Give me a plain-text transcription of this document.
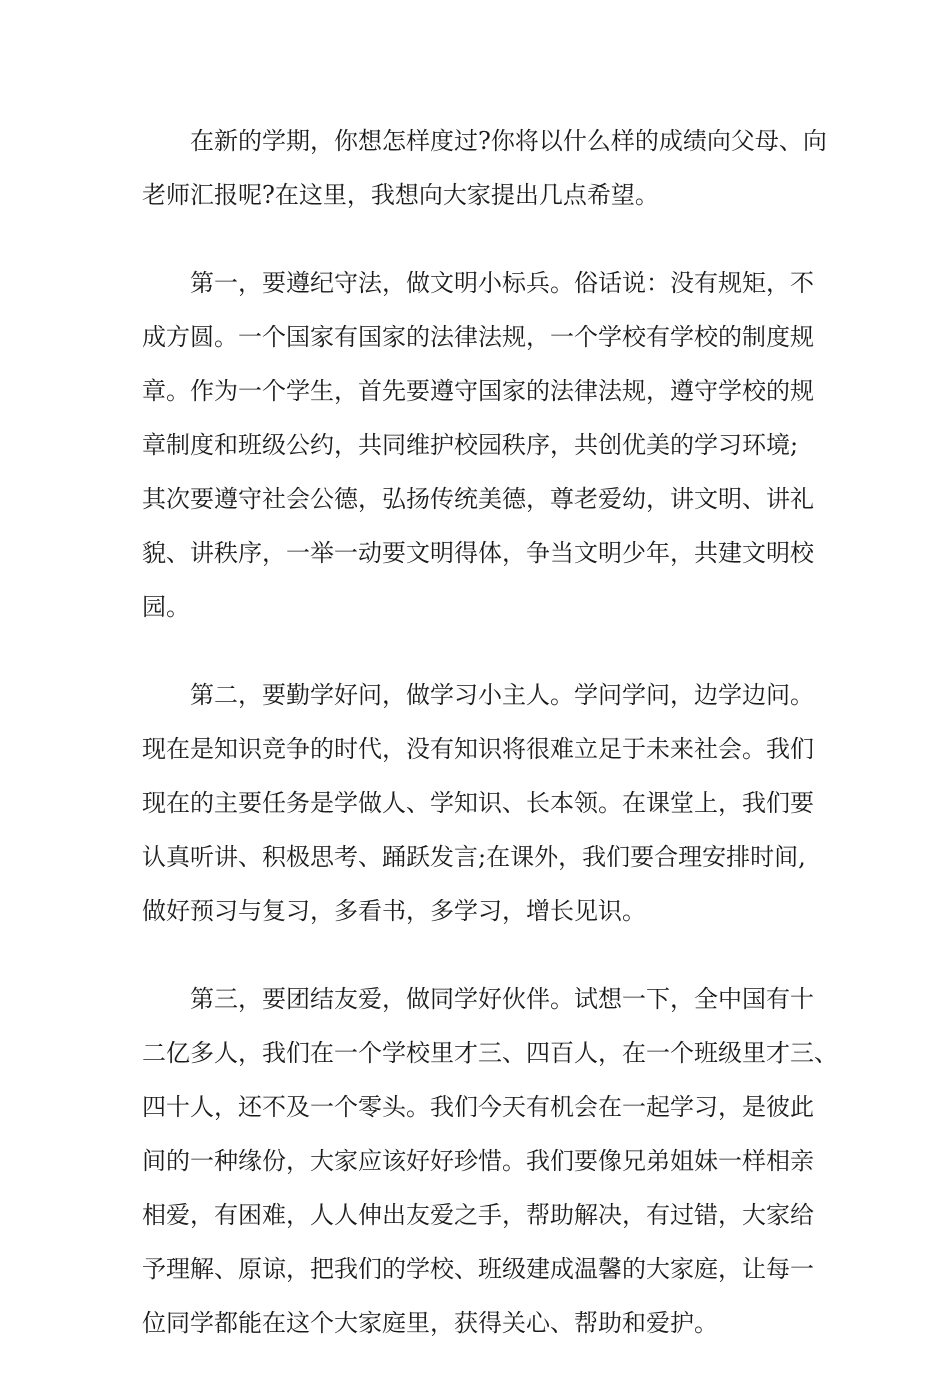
在新的学期，你想怎样度过?你将以什么样的成绩向父母、向
老师汇报呢?在这里，我想向大家提出几点希望。

第一，要遵纪守法，做文明小标兵。俗话说：没有规矩，不
成方圆。一个国家有国家的法律法规，一个学校有学校的制度规
章。作为一个学生，首先要遵守国家的法律法规，遵守学校的规
章制度和班级公约，共同维护校园秩序，共创优美的学习环境;
其次要遵守社会公德，弘扬传统美德，尊老爱幼，讲文明、讲礼
貌、讲秩序，一举一动要文明得体，争当文明少年，共建文明校
园。

第二，要勤学好问，做学习小主人。学问学问，边学边问。
现在是知识竞争的时代，没有知识将很难立足于未来社会。我们
现在的主要任务是学做人、学知识、长本领。在课堂上，我们要
认真听讲、积极思考、踊跃发言;在课外，我们要合理安排时间,
做好预习与复习，多看书，多学习，增长见识。

第三，要团结友爱，做同学好伙伴。试想一下，全中国有十
二亿多人，我们在一个学校里才三、四百人，在一个班级里才三、
四十人，还不及一个零头。我们今天有机会在一起学习，是彼此
间的一种缘份，大家应该好好珍惜。我们要像兄弟姐妹一样相亲
相爱，有困难，人人伸出友爱之手，帮助解决，有过错，大家给
予理解、原谅，把我们的学校、班级建成温馨的大家庭，让每一
位同学都能在这个大家庭里，获得关心、帮助和爱护。
